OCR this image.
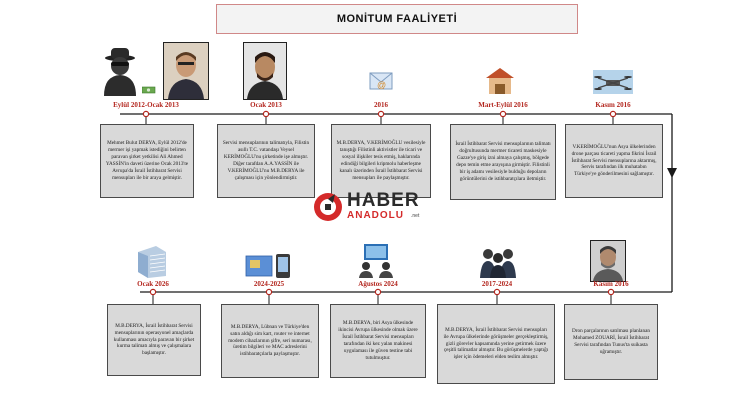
MONİTUM FAALİYETİ
@
Eylül 2012-Ocak 2013	Ocak 2013	2016	Mart-Eylül 2016	Kasım 2016
Mehmet Bulut DERYA, Eylül 2012'de mermer işi yapmak istediğini belirten paravan şirket yetkilisi Ali Ahmed YASSİN'in daveti üzerine Ocak 2013'te Avrupa'da İsrail İstihbarat Servisi mensupları ile bir araya gelmiştir.
Servisi mensuplarının talimatıyla, Filistin asıllı T.C. vatandaşı Veysel KERİMOĞLU'nu şirketinde işe almıştır. Diğer tarafdan A.A.YASSİN ile V.KERİMOĞLU'nu M.B.DERYA ile çalışması için yönlendirmiştir.
M.B.DERYA, V.KERİMOĞLU vesilesiyle tanıştığı Filistinli aktivistler ile ticari ve sosyal ilişkiler tesis etmiş, haklarında edindiği bilgileri kripmolu haberleşme kanalı üzerinden İsrail İstihbarat Servisi mensupları ile paylaşmıştır.
İsrail İstihbarat Servisi mensuplarının talimatı doğrultusunda mermer ticareti maskesiyle Gazze'ye giriş izni almaya çalışmış, bölgede depo temin etme arayışına girmiştir. Filistinli bir iş adamı vesilesiyle bulduğu depoların görüntülerini de istihbaratçılara iletmiştir.
V.KERİMOĞLU'nun Asya ülkelerinden drone parçası ticareti yapma fikrini İsrail İstihbarat Servisi mensuplarına aktarmış, Servis tarafından ilk muhatabın Türkiye'ye gönderilmesini sağlamıştır.
Ocak 2026	2024-2025	Ağustos 2024	2017-2024	Kasım 2016
M.B.DERYA, İsrail İstihbarat Servisi mensuplarının operasyonel amaçlarda kullanması amacıyla paravan bir şirket kurma talimatı almış ve çalışmalara başlamıştır.
M.B.DERYA, Lübnan ve Türkiye'den satın aldığı sim kart, router ve internet modem cihazlarının şifre, seri numarası, üretim bilgileri ve MAC adreslerini istihbaratçılarla paylaşmıştır.
M.B.DERYA, biri Asya ülkesinde ikincisi Avrupa ülkesinde olmak üzere İsrail İstihbarat Servisi mensupları tarafından iki kez yalan makinesi uygulaması ile güven testine tabi tutulmuştur.
M.B.DERYA, İsrail İstihbarat Servisi mensupları ile Avrupa ülkelerinde görüşmeler gerçekleştirmiş, gizli görevler kapsamında yerine getirmek üzere çeşitli talimatlar almıştır. Bu görüşmelerde yaptığı işler için ödemeleri elden teslim almıştır.
Dron parçalarının satılması planlanan Mohamed ZOUARİ, İsrail İstihbarat Servisi tarafından Tunus'ta suikasta uğramıştır.
HABER
ANADOLU .net
